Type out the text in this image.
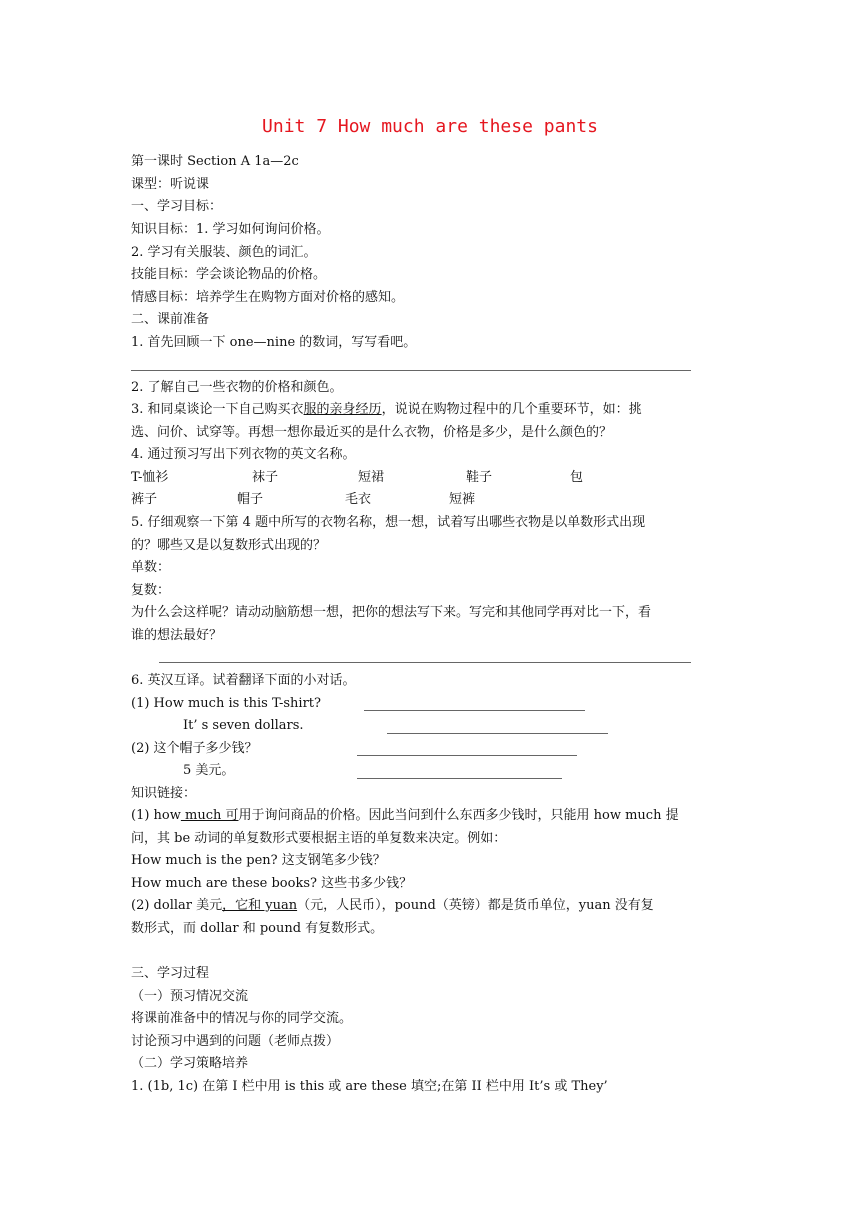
Unit 7 How much are these pants
第一课时 Section A 1a—2c
课型：听说课
一、学习目标：
知识目标：1. 学习如何询问价格。
2. 学习有关服装、颜色的词汇。
技能目标：学会谈论物品的价格。
情感目标：培养学生在购物方面对价格的感知。
二、课前准备
1. 首先回顾一下 one—nine 的数词，写写看吧。
2. 了解自己一些衣物的价格和颜色。
3. 和同桌谈论一下自己购买衣服的亲身经历，说说在购物过程中的几个重要环节，如：挑
选、问价、试穿等。再想一想你最近买的是什么衣物，价格是多少，是什么颜色的？
4. 通过预习写出下列衣物的英文名称。
T-恤衫	袜子	短裙	鞋子	包
裤子	帽子	毛衣	短裤
5. 仔细观察一下第 4 题中所写的衣物名称，想一想，试着写出哪些衣物是以单数形式出现
的？哪些又是以复数形式出现的？
单数：
复数：
为什么会这样呢？请动动脑筋想一想，把你的想法写下来。写完和其他同学再对比一下，看
谁的想法最好？
6. 英汉互译。试着翻译下面的小对话。
(1) How much is this T-shirt?
It’ s seven dollars.
(2) 这个帽子多少钱？
5 美元。
知识链接：
(1) how much 可用于询问商品的价格。因此当问到什么东西多少钱时，只能用 how much 提
问，其 be 动词的单复数形式要根据主语的单复数来决定。例如：
How much is the pen? 这支钢笔多少钱？
How much are these books? 这些书多少钱？
(2) dollar 美元，它和 yuan（元，人民币），pound（英镑）都是货币单位，yuan 没有复
数形式，而 dollar 和 pound 有复数形式。
三、学习过程
（一）预习情况交流
将课前准备中的情况与你的同学交流。
讨论预习中遇到的问题（老师点拨）
（二）学习策略培养
1. (1b, 1c) 在第 I 栏中用 is this 或 are these 填空;在第 II 栏中用 It’s 或 They’
